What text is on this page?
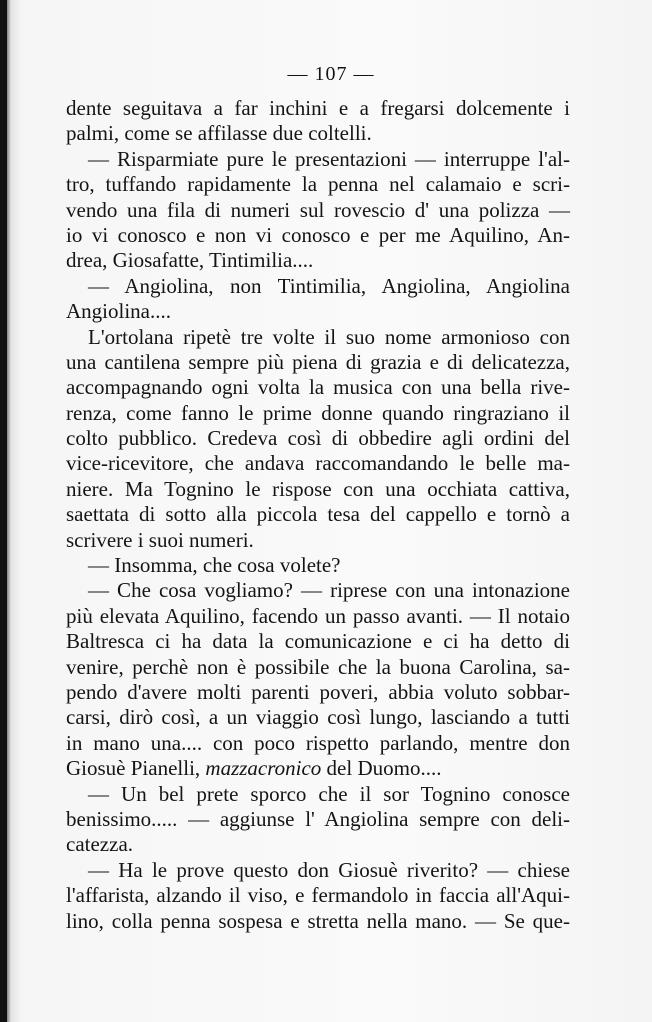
— 107 —
dente seguitava a far inchini e a fregarsi dolcemente i
palmi, come se affilasse due coltelli.
— Risparmiate pure le presentazioni — interruppe l'al-
tro, tuffando rapidamente la penna nel calamaio e scri-
vendo una fila di numeri sul rovescio d' una polizza —
io vi conosco e non vi conosco e per me Aquilino, An-
drea, Giosafatte, Tintimilia....
— Angiolina, non Tintimilia, Angiolina, Angiolina
Angiolina....
L'ortolana ripetè tre volte il suo nome armonioso con
una cantilena sempre più piena di grazia e di delicatezza,
accompagnando ogni volta la musica con una bella rive-
renza, come fanno le prime donne quando ringraziano il
colto pubblico. Credeva così di obbedire agli ordini del
vice-ricevitore, che andava raccomandando le belle ma-
niere. Ma Tognino le rispose con una occhiata cattiva,
saettata di sotto alla piccola tesa del cappello e tornò a
scrivere i suoi numeri.
— Insomma, che cosa volete?
— Che cosa vogliamo? — riprese con una intonazione
più elevata Aquilino, facendo un passo avanti. — Il notaio
Baltresca ci ha data la comunicazione e ci ha detto di
venire, perchè non è possibile che la buona Carolina, sa-
pendo d'avere molti parenti poveri, abbia voluto sobbar-
carsi, dirò così, a un viaggio così lungo, lasciando a tutti
in mano una.... con poco rispetto parlando, mentre don
Giosuè Pianelli, mazzacronico del Duomo....
— Un bel prete sporco che il sor Tognino conosce
benissimo..... — aggiunse l' Angiolina sempre con deli-
catezza.
— Ha le prove questo don Giosuè riverito? — chiese
l'affarista, alzando il viso, e fermandolo in faccia all'Aqui-
lino, colla penna sospesa e stretta nella mano. — Se que-
